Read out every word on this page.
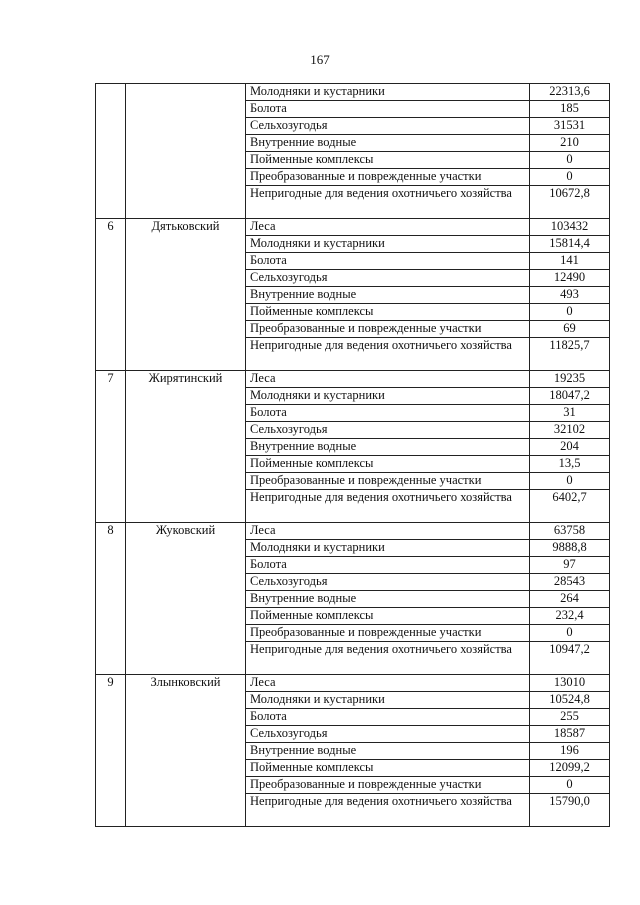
167
		Молодняки и кустарники	22313,6
		Болота	185
		Сельхозугодья	31531
		Внутренние водные	210
		Пойменные комплексы	0
		Преобразованные и поврежденные участки	0
		Непригодные для ведения охотничьего хозяйства	10672,8
6	Дятьковский	Леса	103432
		Молодняки и кустарники	15814,4
		Болота	141
		Сельхозугодья	12490
		Внутренние водные	493
		Пойменные комплексы	0
		Преобразованные и поврежденные участки	69
		Непригодные для ведения охотничьего хозяйства	11825,7
7	Жирятинский	Леса	19235
		Молодняки и кустарники	18047,2
		Болота	31
		Сельхозугодья	32102
		Внутренние водные	204
		Пойменные комплексы	13,5
		Преобразованные и поврежденные участки	0
		Непригодные для ведения охотничьего хозяйства	6402,7
8	Жуковский	Леса	63758
		Молодняки и кустарники	9888,8
		Болота	97
		Сельхозугодья	28543
		Внутренние водные	264
		Пойменные комплексы	232,4
		Преобразованные и поврежденные участки	0
		Непригодные для ведения охотничьего хозяйства	10947,2
9	Злынковский	Леса	13010
		Молодняки и кустарники	10524,8
		Болота	255
		Сельхозугодья	18587
		Внутренние водные	196
		Пойменные комплексы	12099,2
		Преобразованные и поврежденные участки	0
		Непригодные для ведения охотничьего хозяйства	15790,0
